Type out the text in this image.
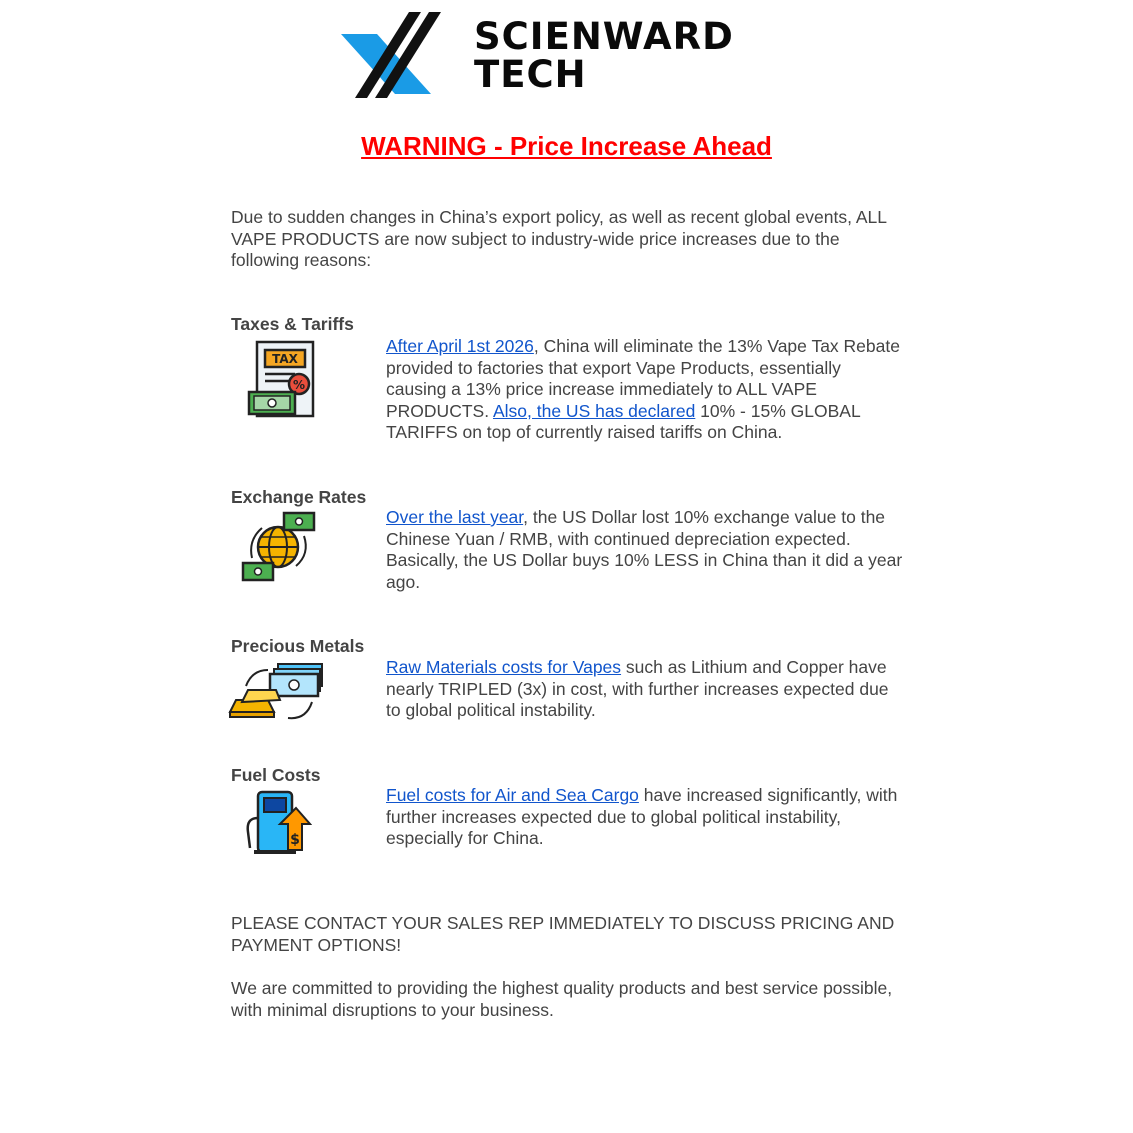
SCIENWARD
TECH
WARNING - Price Increase Ahead
Due to sudden changes in China’s export policy, as well as recent global events, ALL VAPE PRODUCTS are now subject to industry-wide price increases due to the following reasons:
Taxes & Tariffs
TAX
%
After April 1st 2026, China will eliminate the 13% Vape Tax Rebate provided to factories that export Vape Products, essentially causing a 13% price increase immediately to ALL VAPE PRODUCTS. Also, the US has declared 10% - 15% GLOBAL TARIFFS on top of currently raised tariffs on China.
Exchange Rates
Over the last year, the US Dollar lost 10% exchange value to the Chinese Yuan / RMB, with continued depreciation expected. Basically, the US Dollar buys 10% LESS in China than it did a year ago.
Precious Metals
Raw Materials costs for Vapes such as Lithium and Copper have nearly TRIPLED (3x) in cost, with further increases expected due to global political instability.
Fuel Costs
$
Fuel costs for Air and Sea Cargo have increased significantly, with further increases expected due to global political instability, especially for China.
PLEASE CONTACT YOUR SALES REP IMMEDIATELY TO DISCUSS PRICING AND PAYMENT OPTIONS!
We are committed to providing the highest quality products and best service possible, with minimal disruptions to your business.
